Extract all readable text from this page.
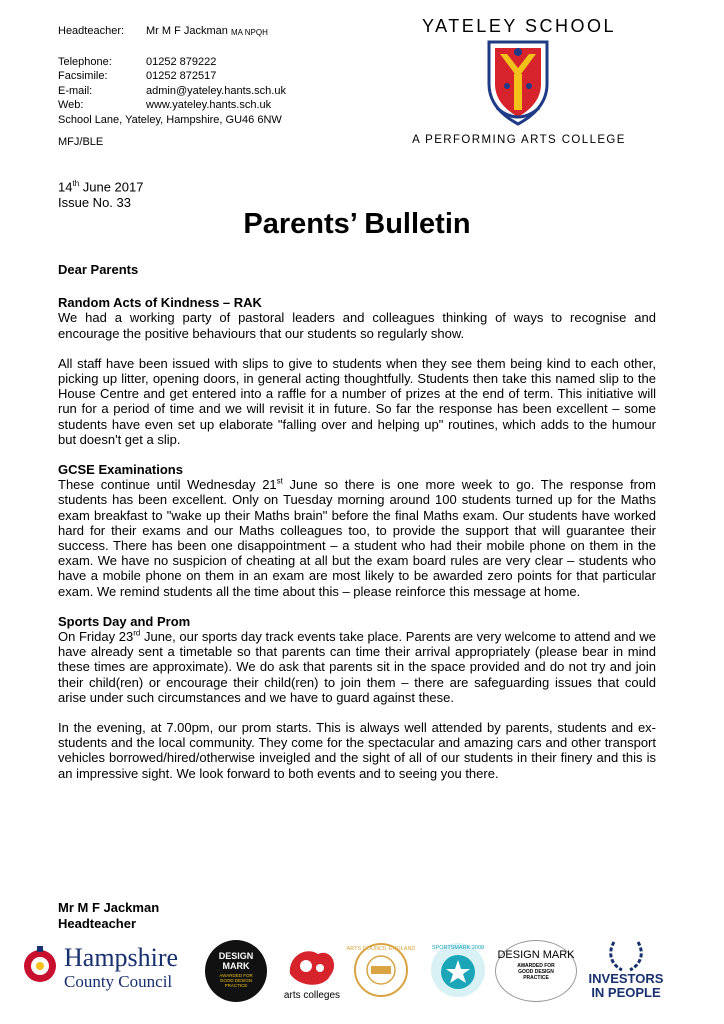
Headteacher:	Mr M F Jackman
MA NPQH
Telephone:	01252 879222
Facsimile:	01252 872517
E-mail:	admin@yateley.hants.sch.uk
Web:	www.yateley.hants.sch.uk
School Lane, Yateley, Hampshire, GU46 6NW
MFJ/BLE
YATELEY SCHOOL
A PERFORMING ARTS COLLEGE
14th June 2017
Issue No. 33
Parents’ Bulletin

Dear Parents

Random Acts of Kindness – RAK

We had a working party of pastoral leaders and colleagues thinking of ways to recognise and encourage the positive behaviours that our students so regularly show.

All staff have been issued with slips to give to students when they see them being kind to each other, picking up litter, opening doors, in general acting thoughtfully. Students then take this named slip to the House Centre and get entered into a raffle for a number of prizes at the end of term. This initiative will run for a period of time and we will revisit it in future. So far the response has been excellent – some students have even set up elaborate "falling over and helping up" routines, which adds to the humour but doesn't get a slip.

GCSE Examinations

These continue until Wednesday 21st June so there is one more week to go. The response from students has been excellent. Only on Tuesday morning around 100 students turned up for the Maths exam breakfast to "wake up their Maths brain" before the final Maths exam. Our students have worked hard for their exams and our Maths colleagues too, to provide the support that will guarantee their success. There has been one disappointment – a student who had their mobile phone on them in the exam. We have no suspicion of cheating at all but the exam board rules are very clear – students who have a mobile phone on them in an exam are most likely to be awarded zero points for that particular exam. We remind students all the time about this – please reinforce this message at home.

Sports Day and Prom

On Friday 23rd June, our sports day track events take place. Parents are very welcome to attend and we have already sent a timetable so that parents can time their arrival appropriately (please bear in mind these times are approximate). We do ask that parents sit in the space provided and do not try and join their child(ren) or encourage their child(ren) to join them – there are safeguarding issues that could arise under such circumstances and we have to guard against these.

In the evening, at 7.00pm, our prom starts. This is always well attended by parents, students and ex-students and the local community. They come for the spectacular and amazing cars and other transport vehicles borrowed/hired/otherwise inveigled and the sight of all of our students in their finery and this is an impressive sight. We look forward to both events and to seeing you there.

Mr M F Jackman
Headteacher
Hampshire
County Council
DESIGN MARK
AWARDED FOR GOOD DESIGN PRACTICE
arts colleges
ARTS COUNCIL ENGLAND	SPORTSMARK 2008
DESIGN MARK
AWARDED FOR GOOD DESIGN PRACTICE	INVESTORS
IN PEOPLE
